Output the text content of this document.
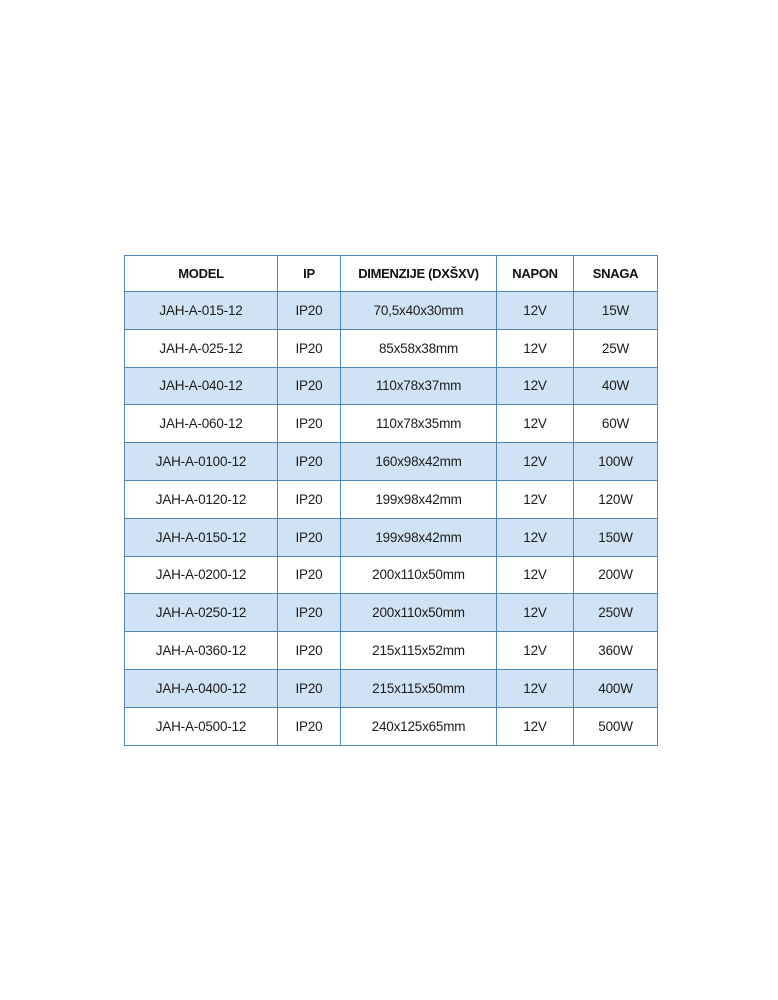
MODEL	IP	DIMENZIJE (DXŠXV)	NAPON	SNAGA
JAH-A-015-12	IP20	70,5x40x30mm	12V	15W
JAH-A-025-12	IP20	85x58x38mm	12V	25W
JAH-A-040-12	IP20	110x78x37mm	12V	40W
JAH-A-060-12	IP20	110x78x35mm	12V	60W
JAH-A-0100-12	IP20	160x98x42mm	12V	100W
JAH-A-0120-12	IP20	199x98x42mm	12V	120W
JAH-A-0150-12	IP20	199x98x42mm	12V	150W
JAH-A-0200-12	IP20	200x110x50mm	12V	200W
JAH-A-0250-12	IP20	200x110x50mm	12V	250W
JAH-A-0360-12	IP20	215x115x52mm	12V	360W
JAH-A-0400-12	IP20	215x115x50mm	12V	400W
JAH-A-0500-12	IP20	240x125x65mm	12V	500W
